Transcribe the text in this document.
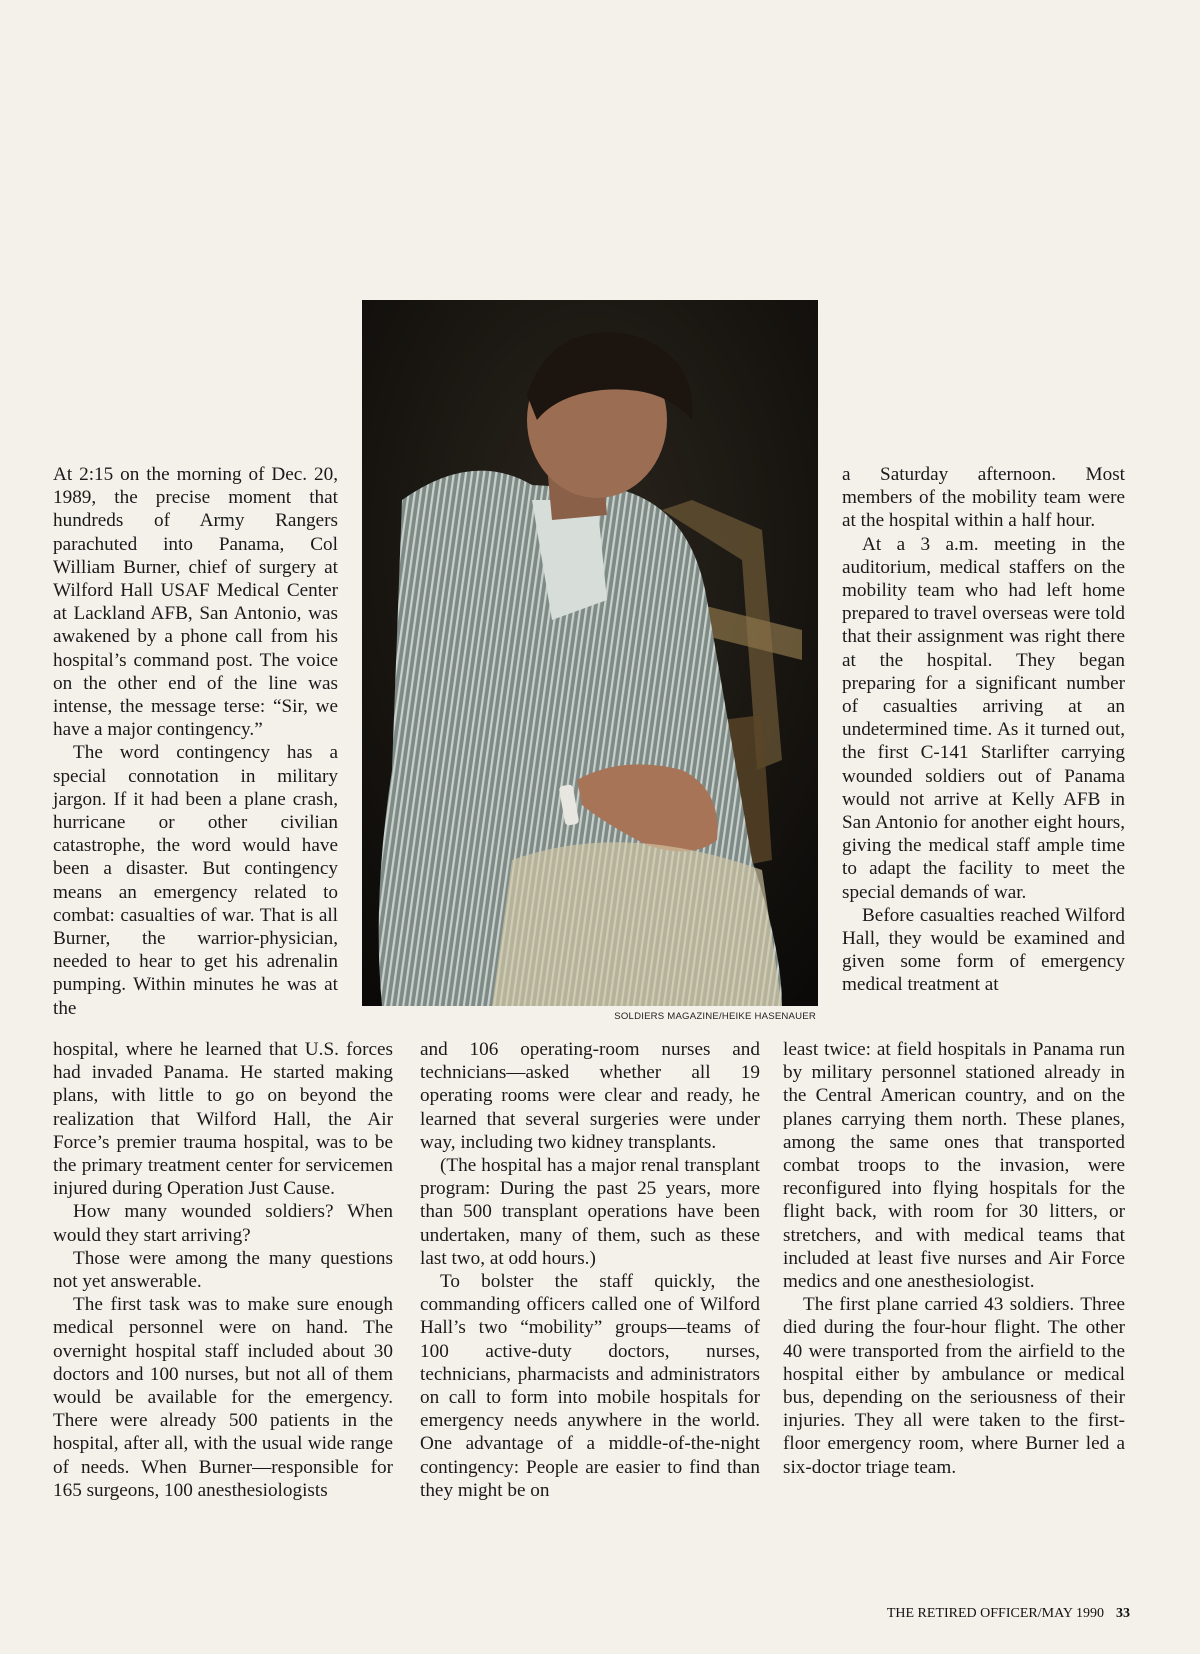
At 2:15 on the morning of Dec. 20, 1989, the precise moment that hundreds of Army Rangers parachuted into Panama, Col William Burner, chief of surgery at Wilford Hall USAF Medical Center at Lackland AFB, San Antonio, was awakened by a phone call from his hospital’s command post. The voice on the other end of the line was intense, the message terse: “Sir, we have a major contingency.”

The word contingency has a special connotation in military jargon. If it had been a plane crash, hurricane or other civilian catastrophe, the word would have been a disaster. But contingency means an emergency related to combat: casualties of war. That is all Burner, the warrior-physician, needed to hear to get his adrenalin pumping. Within minutes he was at the	SOLDIERS MAGAZINE/HEIKE HASENAUER

a Saturday afternoon. Most members of the mobility team were at the hospital within a half hour.

At a 3 a.m. meeting in the auditorium, medical staffers on the mobility team who had left home prepared to travel overseas were told that their assignment was right there at the hospital. They began preparing for a significant number of casualties arriving at an undetermined time. As it turned out, the first C-141 Starlifter carrying wounded soldiers out of Panama would not arrive at Kelly AFB in San Antonio for another eight hours, giving the medical staff ample time to adapt the facility to meet the special demands of war.

Before casualties reached Wilford Hall, they would be examined and given some form of emergency medical treatment at

hospital, where he learned that U.S. forces had invaded Panama. He started making plans, with little to go on beyond the realization that Wilford Hall, the Air Force’s premier trauma hospital, was to be the primary treatment center for servicemen injured during Operation Just Cause.

How many wounded soldiers? When would they start arriving?

Those were among the many questions not yet answerable.

The first task was to make sure enough medical personnel were on hand. The overnight hospital staff included about 30 doctors and 100 nurses, but not all of them would be available for the emergency. There were already 500 patients in the hospital, after all, with the usual wide range of needs. When Burner—responsible for 165 surgeons, 100 anesthesiologists

and 106 operating-room nurses and technicians—asked whether all 19 operating rooms were clear and ready, he learned that several surgeries were under way, including two kidney transplants.

(The hospital has a major renal transplant program: During the past 25 years, more than 500 transplant operations have been undertaken, many of them, such as these last two, at odd hours.)

To bolster the staff quickly, the commanding officers called one of Wilford Hall’s two “mobility” groups—teams of 100 active-duty doctors, nurses, technicians, pharmacists and administrators on call to form into mobile hospitals for emergency needs anywhere in the world. One advantage of a middle-of-the-night contingency: People are easier to find than they might be on

least twice: at field hospitals in Panama run by military personnel stationed already in the Central American country, and on the planes carrying them north. These planes, among the same ones that transported combat troops to the invasion, were reconfigured into flying hospitals for the flight back, with room for 30 litters, or stretchers, and with medical teams that included at least five nurses and Air Force medics and one anesthesiologist.

The first plane carried 43 soldiers. Three died during the four-hour flight. The other 40 were transported from the airfield to the hospital either by ambulance or medical bus, depending on the seriousness of their injuries. They all were taken to the first-floor emergency room, where Burner led a six-doctor triage team.

THE RETIRED OFFICER/MAY 1990 33
